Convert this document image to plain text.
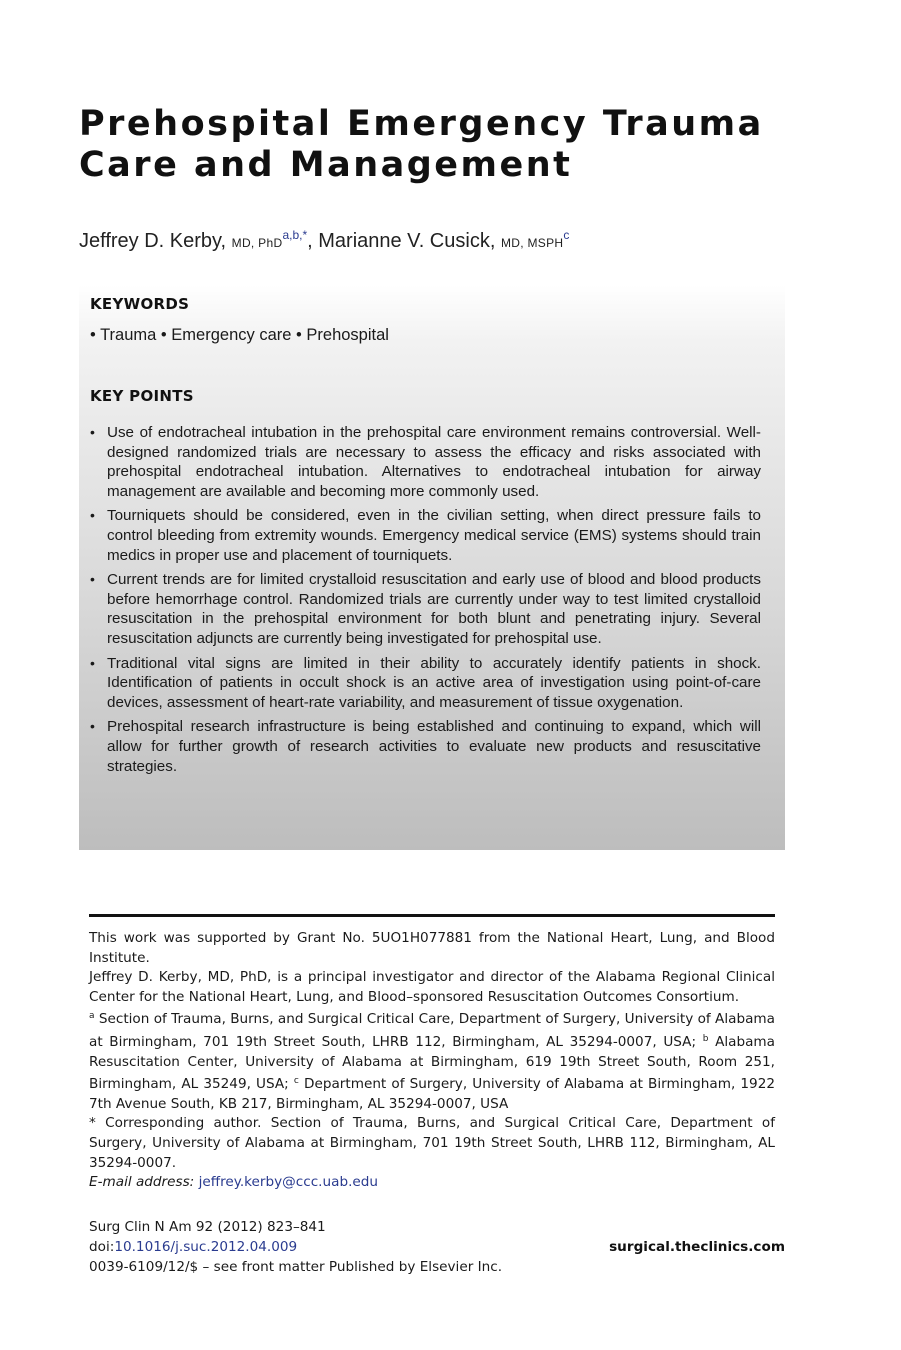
Prehospital Emergency Trauma
Care and Management
Jeffrey D. Kerby, MD, PhD$^{a,b,*}$, Marianne V. Cusick, MD, MSPH$^c$
KEYWORDS
• Trauma • Emergency care • Prehospital
KEY POINTS
• Use of endotracheal intubation in the prehospital care environment remains controversial. Well-designed randomized trials are necessary to assess the efficacy and risks associated with prehospital endotracheal intubation. Alternatives to endotracheal intubation for airway management are available and becoming more commonly used.
• Tourniquets should be considered, even in the civilian setting, when direct pressure fails to control bleeding from extremity wounds. Emergency medical service (EMS) systems should train medics in proper use and placement of tourniquets.
• Current trends are for limited crystalloid resuscitation and early use of blood and blood products before hemorrhage control. Randomized trials are currently under way to test limited crystalloid resuscitation in the prehospital environment for both blunt and penetrating injury. Several resuscitation adjuncts are currently being investigated for prehospital use.
• Traditional vital signs are limited in their ability to accurately identify patients in shock. Identification of patients in occult shock is an active area of investigation using point-of-care devices, assessment of heart-rate variability, and measurement of tissue oxygenation.
• Prehospital research infrastructure is being established and continuing to expand, which will allow for further growth of research activities to evaluate new products and resuscitative strategies.

This work was supported by Grant No. 5UO1H077881 from the National Heart, Lung, and Blood Institute.

Jeffrey D. Kerby, MD, PhD, is a principal investigator and director of the Alabama Regional Clinical Center for the National Heart, Lung, and Blood–sponsored Resuscitation Outcomes Consortium.

$^a$ Section of Trauma, Burns, and Surgical Critical Care, Department of Surgery, University of Alabama at Birmingham, 701 19th Street South, LHRB 112, Birmingham, AL 35294-0007, USA; $^b$ Alabama Resuscitation Center, University of Alabama at Birmingham, 619 19th Street South, Room 251, Birmingham, AL 35249, USA; $^c$ Department of Surgery, University of Alabama at Birmingham, 1922 7th Avenue South, KB 217, Birmingham, AL 35294-0007, USA

* Corresponding author. Section of Trauma, Burns, and Surgical Critical Care, Department of Surgery, University of Alabama at Birmingham, 701 19th Street South, LHRB 112, Birmingham, AL 35294-0007.

E-mail address: jeffrey.kerby@ccc.uab.edu

Surg Clin N Am 92 (2012) 823–841
doi:10.1016/j.suc.2012.04.009
0039-6109/12/$ – see front matter Published by Elsevier Inc.
surgical.theclinics.com
